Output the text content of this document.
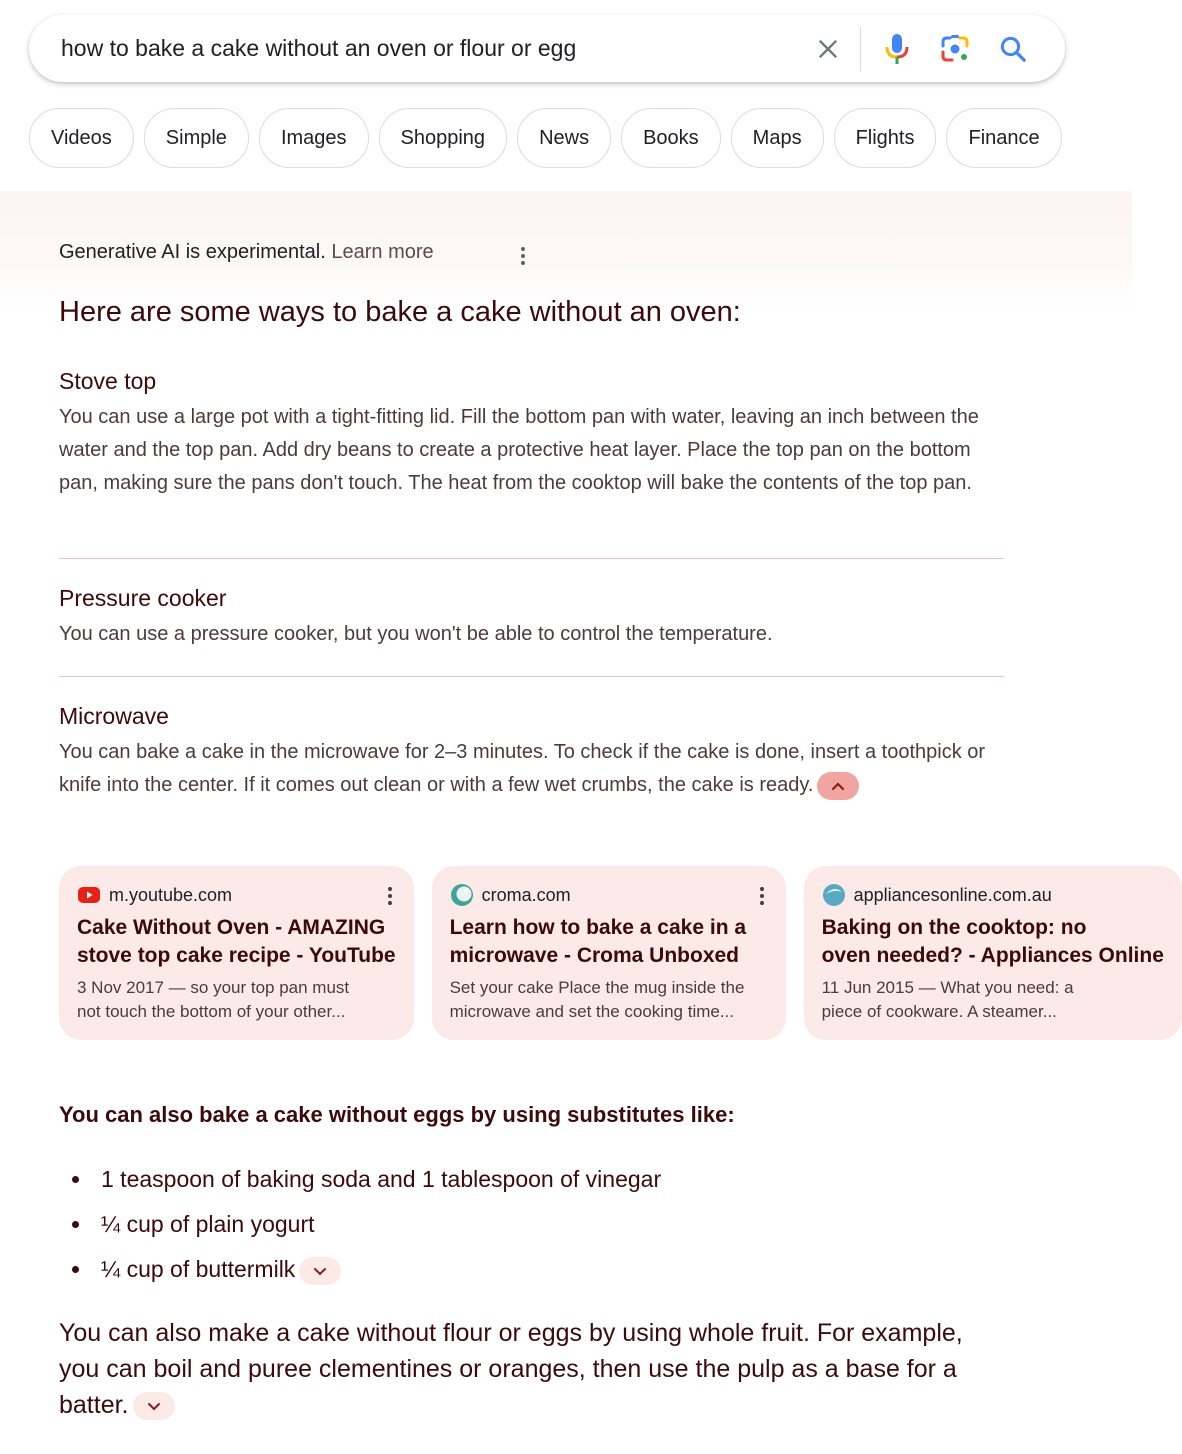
how to bake a cake without an oven or flour or egg
Videos	Simple	Images	Shopping	News	Books	Maps	Flights	Finance
Generative AI is experimental. Learn more
Here are some ways to bake a cake without an oven:
Stove top
You can use a large pot with a tight-fitting lid. Fill the bottom pan with water, leaving an inch between the water and the top pan. Add dry beans to create a protective heat layer. Place the top pan on the bottom pan, making sure the pans don't touch. The heat from the cooktop will bake the contents of the top pan.
Pressure cooker
You can use a pressure cooker, but you won't be able to control the temperature.
Microwave
You can bake a cake in the microwave for 2–3 minutes. To check if the cake is done, insert a toothpick or knife into the center. If it comes out clean or with a few wet crumbs, the cake is ready.
m.youtube.com
Cake Without Oven - AMAZING
stove top cake recipe - YouTube
3 Nov 2017 — so your top pan must
not touch the bottom of your other...
croma.com
Learn how to bake a cake in a
microwave - Croma Unboxed
Set your cake Place the mug inside the
microwave and set the cooking time...
appliancesonline.com.au
Baking on the cooktop: no
oven needed? - Appliances Online
11 Jun 2015 — What you need: a
piece of cookware. A steamer...
You can also bake a cake without eggs by using substitutes like:
1 teaspoon of baking soda and 1 tablespoon of vinegar
¼ cup of plain yogurt
¼ cup of buttermilk
You can also make a cake without flour or eggs by using whole fruit. For example, you can boil and puree clementines or oranges, then use the pulp as a base for a batter.
